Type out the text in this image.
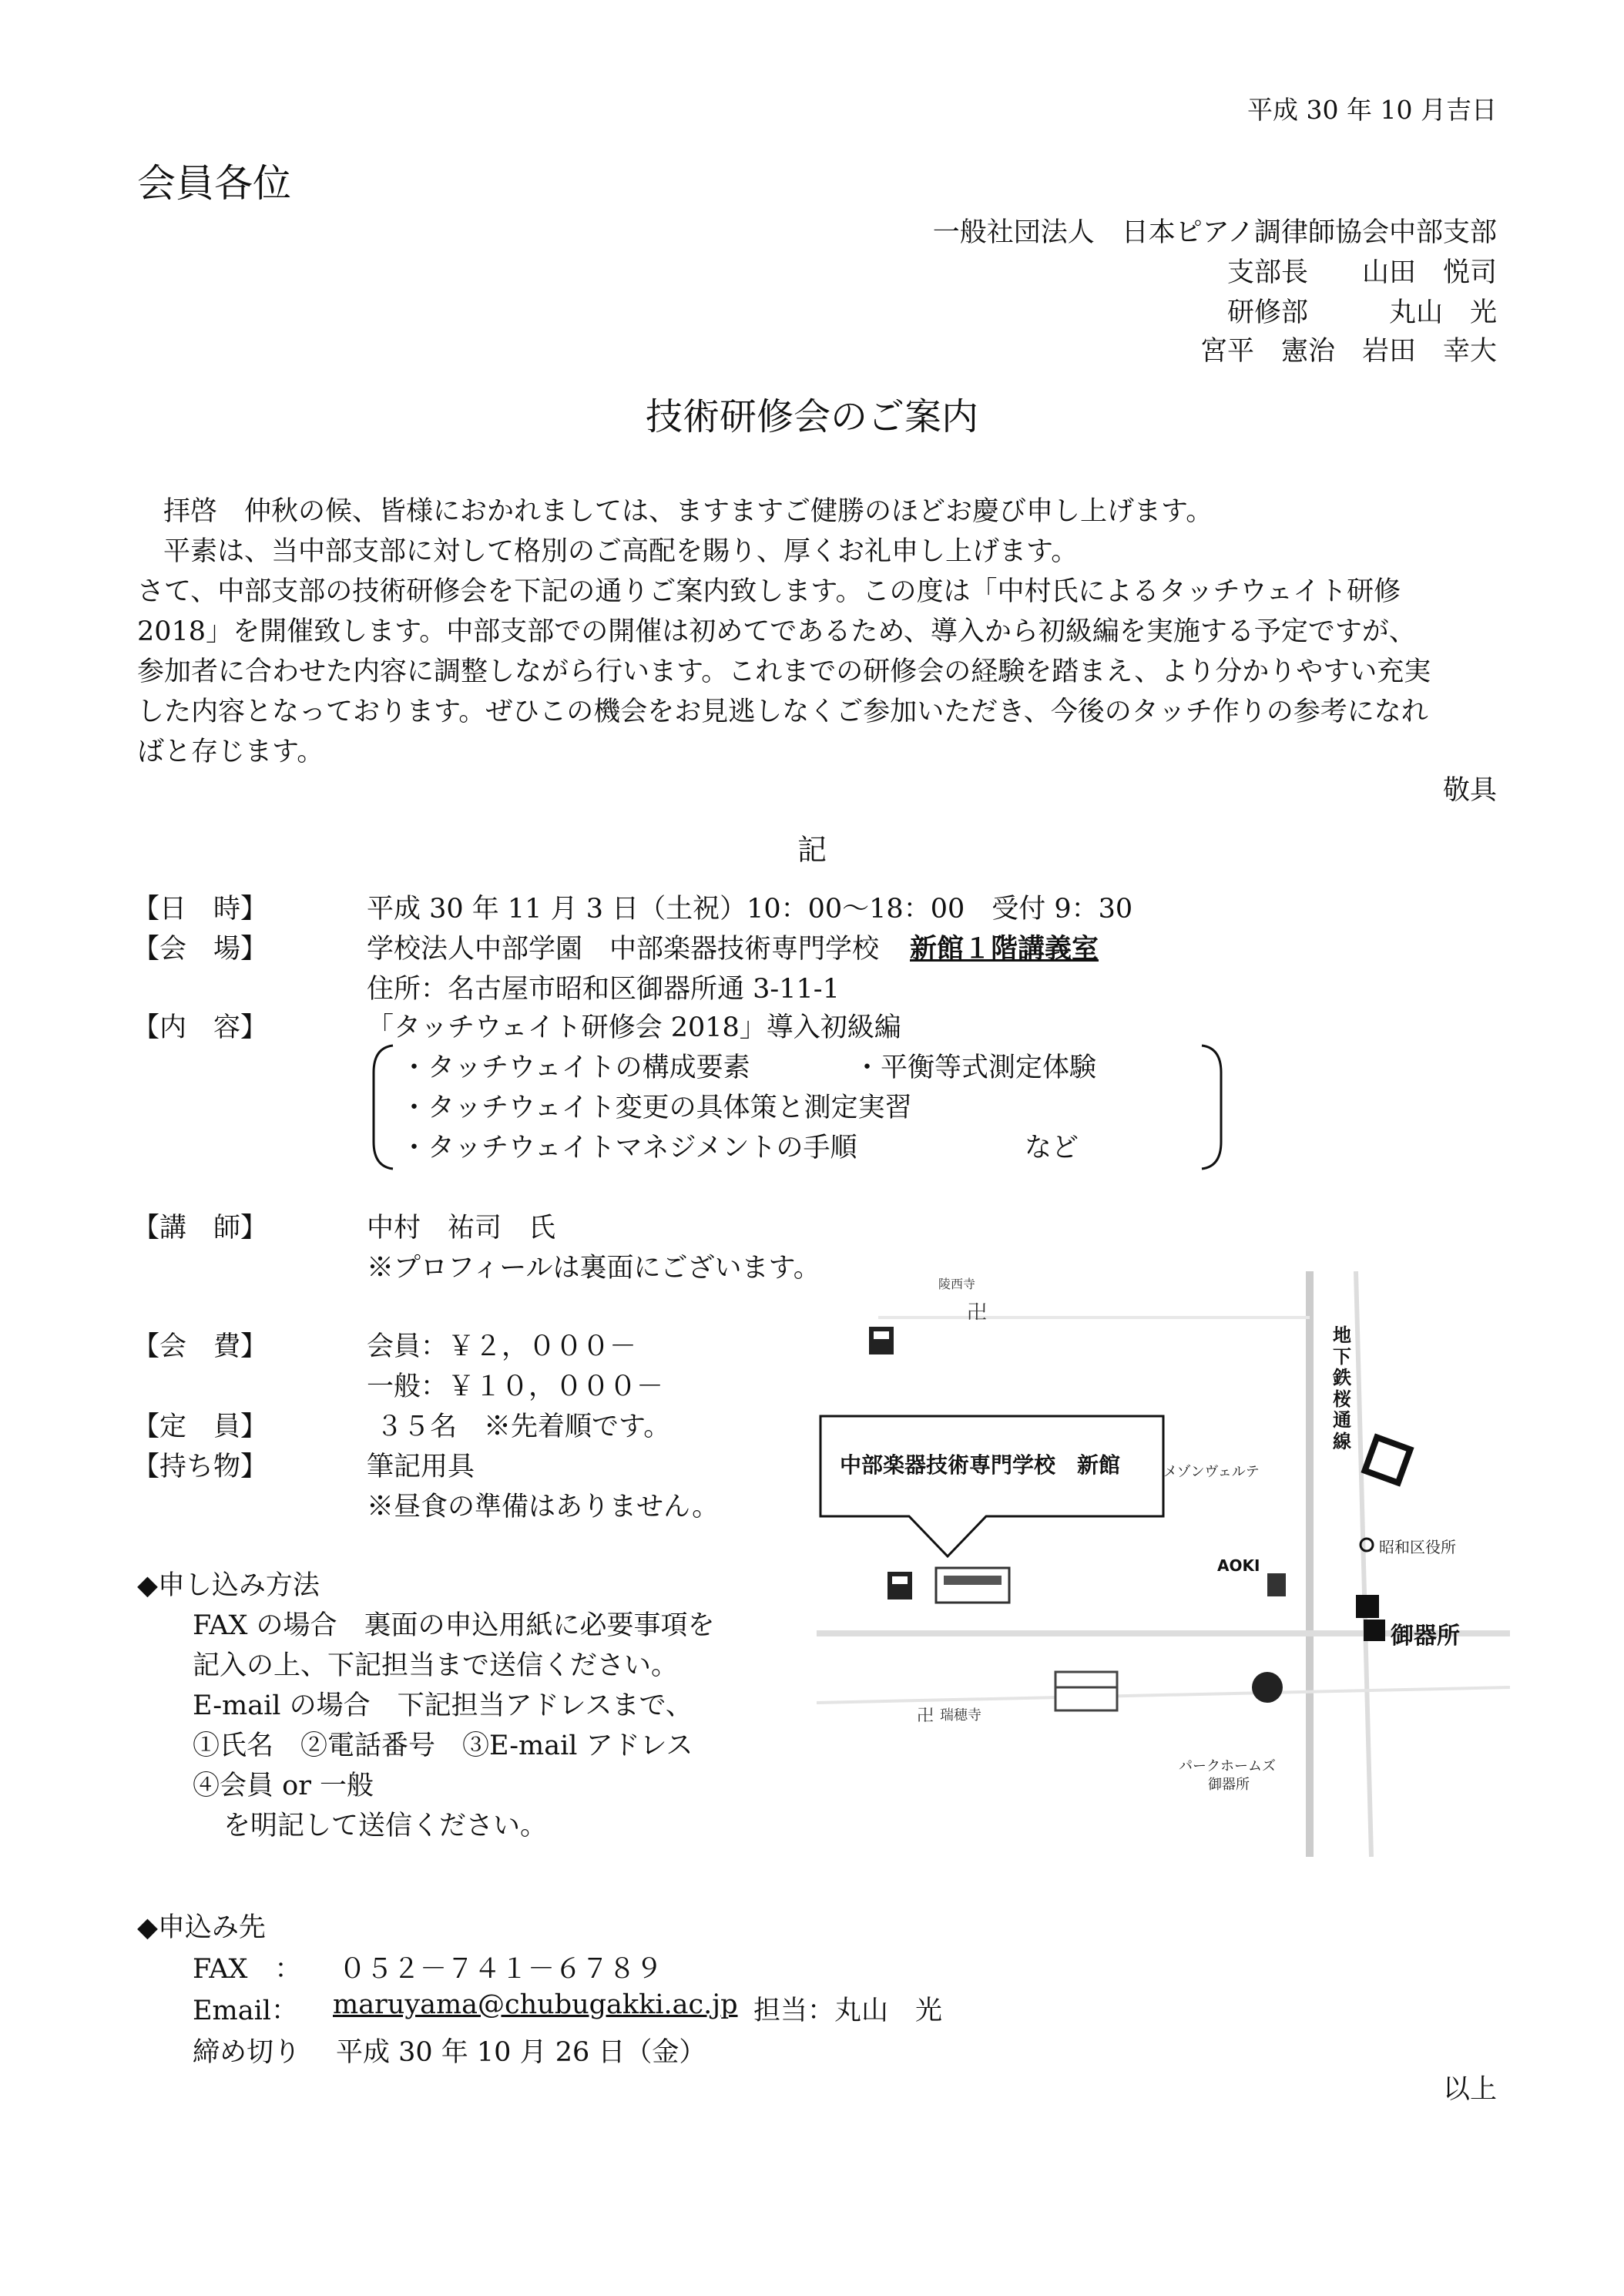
平成 30 年 10 月吉日
会員各位
一般社団法人　日本ピアノ調律師協会中部支部
支部長　　山田　悦司
研修部　　　丸山　光
宮平　憲治　岩田　幸大
技術研修会のご案内
拝啓　仲秋の候、皆様におかれましては、ますますご健勝のほどお慶び申し上げます。
平素は、当中部支部に対して格別のご高配を賜り、厚くお礼申し上げます。
さて、中部支部の技術研修会を下記の通りご案内致します。この度は「中村氏によるタッチウェイト研修
2018」を開催致します。中部支部での開催は初めてであるため、導入から初級編を実施する予定ですが、
参加者に合わせた内容に調整しながら行います。これまでの研修会の経験を踏まえ、より分かりやすい充実
した内容となっております。ぜひこの機会をお見逃しなくご参加いただき、今後のタッチ作りの参考になれ
ばと存じます。
敬具
記
【日　時】	平成 30 年 11 月 3 日（土祝）10：00～18：00　受付 9：30
【会　場】	学校法人中部学園　中部楽器技術専門学校 新館１階講義室
住所：名古屋市昭和区御器所通 3-11-1
【内　容】	「タッチウェイト研修会 2018」導入初級編
・タッチウェイトの構成要素	・平衡等式測定体験
・タッチウェイト変更の具体策と測定実習
・タッチウェイトマネジメントの手順	など
【講　師】	中村　祐司　氏
※プロフィールは裏面にございます。
【会　費】	会員：￥２，０００－
一般：￥１０，０００－
【定　員】	３５名　※先着順です。
【持ち物】	筆記用具
※昼食の準備はありません。
◆申し込み方法
FAX の場合　裏面の申込用紙に必要事項を
記入の上、下記担当まで送信ください。
E-mail の場合　下記担当アドレスまで、
①氏名　②電話番号　③E-mail アドレス
④会員 or 一般
を明記して送信ください。
◆申込み先
FAX　： ０５２－７４１－６７８９
Email： maruyama@chubugakki.ac.jp 担当：丸山　光
締め切り 平成 30 年 10 月 26 日（金）
以上
卍
卍
中部楽器技術専門学校　新館
陵西寺
地下鉄桜通線
メゾンヴェルテ
AOKI
昭和区役所
御器所
瑞穂寺
パークホームズ
御器所
